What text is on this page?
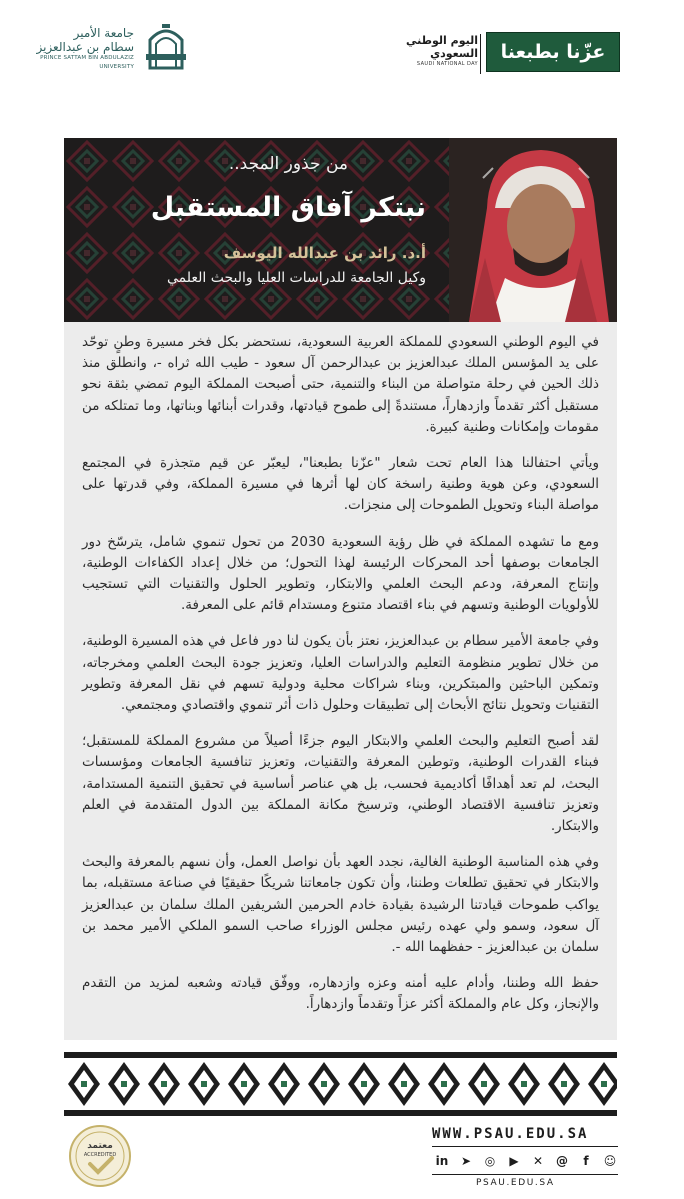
جامعة الأمير
سطام بن عبدالعزيز
PRINCE SATTAM BIN ABDULAZIZ UNIVERSITY
اليوم الوطني
السعودي
SAUDI NATIONAL DAY
عزّنا بطبعنا
من جذور المجد..
نبتكر آفاق المستقبل
أ.د. رائد بن عبدالله اليوسف
وكيل الجامعة للدراسات العليا والبحث العلمي

في اليوم الوطني السعودي للمملكة العربية السعودية، نستحضر بكل فخر مسيرة وطنٍ توحّد على يد المؤسس الملك عبدالعزيز بن عبدالرحمن آل سعود - طيب الله ثراه -، وانطلق منذ ذلك الحين في رحلة متواصلة من البناء والتنمية، حتى أصبحت المملكة اليوم تمضي بثقة نحو مستقبل أكثر تقدماً وازدهاراً، مستندةً إلى طموح قيادتها، وقدرات أبنائها وبناتها، وما تمتلكه من مقومات وإمكانات وطنية كبيرة.

ويأتي احتفالنا هذا العام تحت شعار "عزّنا بطبعنا"، ليعبّر عن قيم متجذرة في المجتمع السعودي، وعن هوية وطنية راسخة كان لها أثرها في مسيرة المملكة، وفي قدرتها على مواصلة البناء وتحويل الطموحات إلى منجزات.

ومع ما تشهده المملكة في ظل رؤية السعودية 2030 من تحول تنموي شامل، يترسّخ دور الجامعات بوصفها أحد المحركات الرئيسة لهذا التحول؛ من خلال إعداد الكفاءات الوطنية، وإنتاج المعرفة، ودعم البحث العلمي والابتكار، وتطوير الحلول والتقنيات التي تستجيب للأولويات الوطنية وتسهم في بناء اقتصاد متنوع ومستدام قائم على المعرفة.

وفي جامعة الأمير سطام بن عبدالعزيز، نعتز بأن يكون لنا دور فاعل في هذه المسيرة الوطنية، من خلال تطوير منظومة التعليم والدراسات العليا، وتعزيز جودة البحث العلمي ومخرجاته، وتمكين الباحثين والمبتكرين، وبناء شراكات محلية ودولية تسهم في نقل المعرفة وتطوير التقنيات وتحويل نتائج الأبحاث إلى تطبيقات وحلول ذات أثر تنموي واقتصادي ومجتمعي.

لقد أصبح التعليم والبحث العلمي والابتكار اليوم جزءًا أصيلاً من مشروع المملكة للمستقبل؛ فبناء القدرات الوطنية، وتوطين المعرفة والتقنيات، وتعزيز تنافسية الجامعات ومؤسسات البحث، لم تعد أهدافًا أكاديمية فحسب، بل هي عناصر أساسية في تحقيق التنمية المستدامة، وتعزيز تنافسية الاقتصاد الوطني، وترسيخ مكانة المملكة بين الدول المتقدمة في العلم والابتكار.

وفي هذه المناسبة الوطنية الغالية، نجدد العهد بأن نواصل العمل، وأن نسهم بالمعرفة والبحث والابتكار في تحقيق تطلعات وطننا، وأن تكون جامعاتنا شريكًا حقيقيًا في صناعة مستقبله، بما يواكب طموحات قيادتنا الرشيدة بقيادة خادم الحرمين الشريفين الملك سلمان بن عبدالعزيز آل سعود، وسمو ولي عهده رئيس مجلس الوزراء صاحب السمو الملكي الأمير محمد بن سلمان بن عبدالعزيز - حفظهما الله -.

حفظ الله وطننا، وأدام عليه أمنه وعزه وازدهاره، ووفّق قيادته وشعبه لمزيد من التقدم والإنجاز، وكل عام والمملكة أكثر عزاً وتقدماً وازدهاراً.

معتمد
ACCREDITED
WWW.PSAU.EDU.SA
in ➤ ◎ ▶ ✕ @	f	☺
PSAU.EDU.SA
